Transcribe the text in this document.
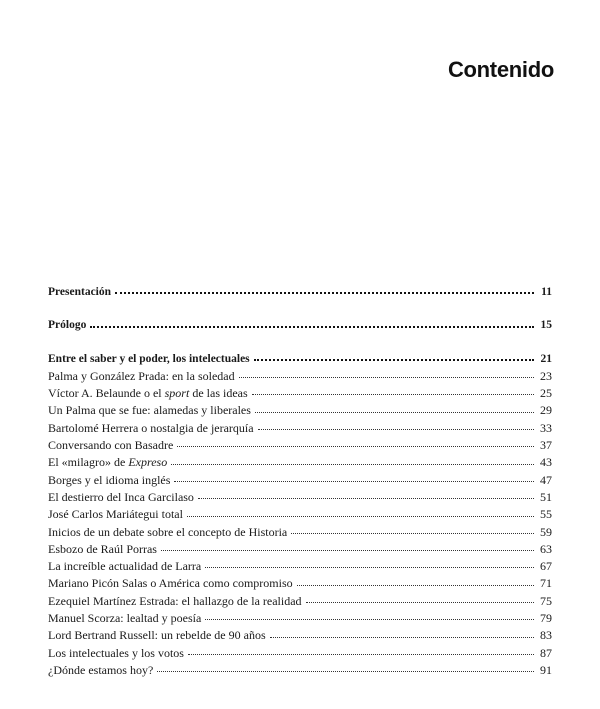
Contenido
Presentación	11
Prólogo	15
Entre el saber y el poder, los intelectuales	21
Palma y González Prada: en la soledad	23
Víctor A. Belaunde o el sport de las ideas	25
Un Palma que se fue: alamedas y liberales	29
Bartolomé Herrera o nostalgia de jerarquía	33
Conversando con Basadre	37
El «milagro» de Expreso	43
Borges y el idioma inglés	47
El destierro del Inca Garcilaso	51
José Carlos Mariátegui total	55
Inicios de un debate sobre el concepto de Historia	59
Esbozo de Raúl Porras	63
La increíble actualidad de Larra	67
Mariano Picón Salas o América como compromiso	71
Ezequiel Martínez Estrada: el hallazgo de la realidad	75
Manuel Scorza: lealtad y poesía	79
Lord Bertrand Russell: un rebelde de 90 años	83
Los intelectuales y los votos	87
¿Dónde estamos hoy?	91
